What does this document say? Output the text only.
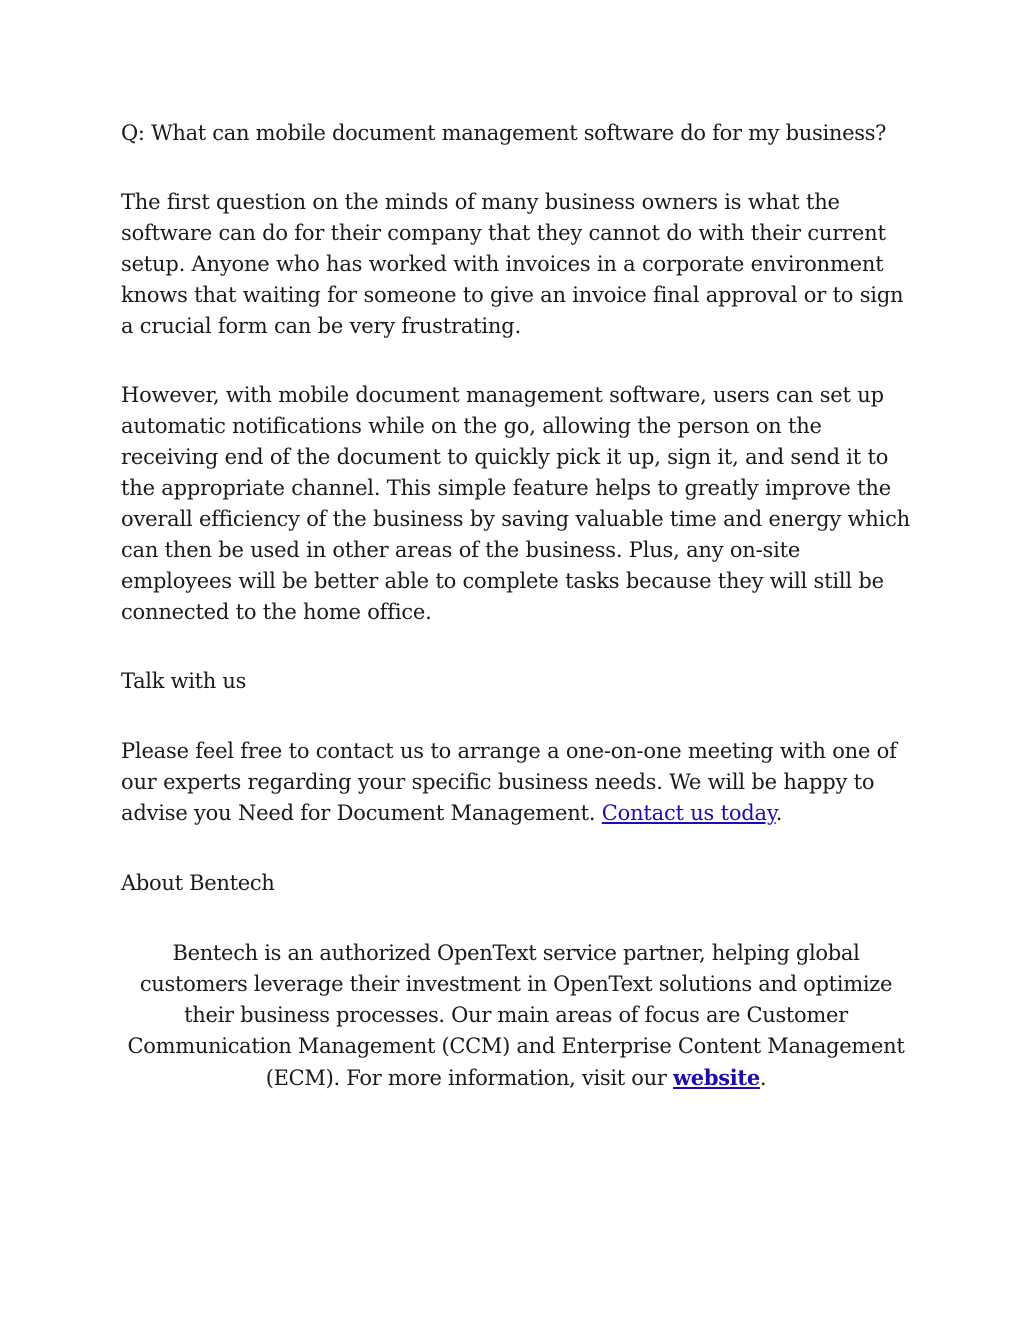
Q: What can mobile document management software do for my business?

The first question on the minds of many business owners is what the software can do for their company that they cannot do with their current setup. Anyone who has worked with invoices in a corporate environment knows that waiting for someone to give an invoice final approval or to sign a crucial form can be very frustrating.

However, with mobile document management software, users can set up automatic notifications while on the go, allowing the person on the receiving end of the document to quickly pick it up, sign it, and send it to the appropriate channel. This simple feature helps to greatly improve the overall efficiency of the business by saving valuable time and energy which can then be used in other areas of the business. Plus, any on-site employees will be better able to complete tasks because they will still be connected to the home office.

Talk with us

Please feel free to contact us to arrange a one-on-one meeting with one of our experts regarding your specific business needs. We will be happy to advise you Need for Document Management. Contact us today.

About Bentech

Bentech is an authorized OpenText service partner, helping global customers leverage their investment in OpenText solutions and optimize their business processes. Our main areas of focus are Customer Communication Management (CCM) and Enterprise Content Management (ECM). For more information, visit our website.
